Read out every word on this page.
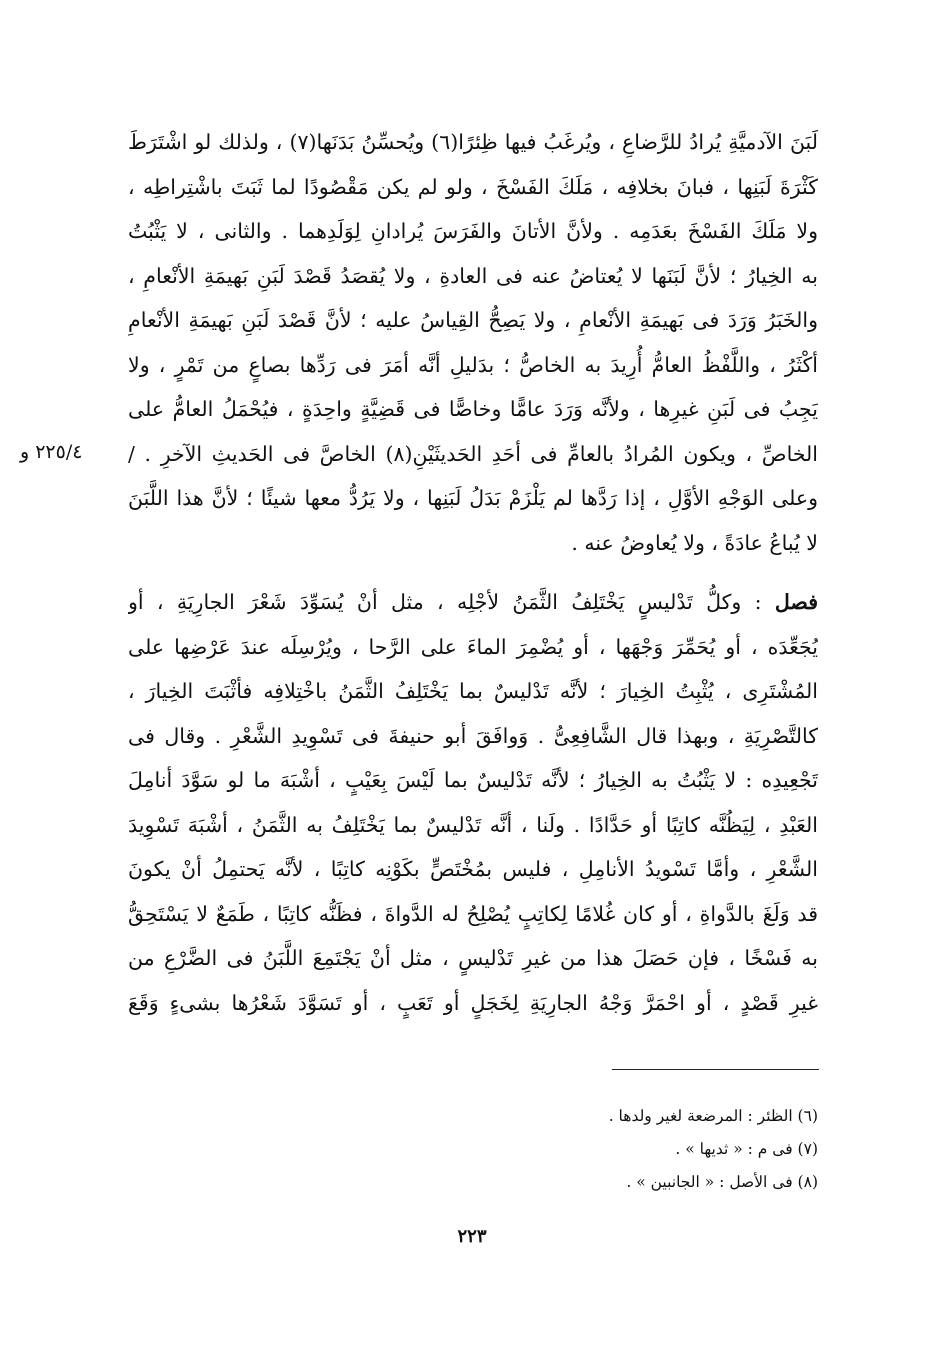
٢٢٥/٤ و
لَبَنَ الآدميَّةِ يُرادُ للرَّضاعِ ، ويُرغَبُ فيها ظِئرًا(٦) ويُحسِّنُ بَدَنَها(٧) ، ولذلك لو اشْتَرَطَ
كَثْرَةَ لَبَنِها ، فبانَ بخلافِه ، مَلَكَ الفَسْخَ ، ولو لم يكن مَقْصُودًا لما ثَبَتَ باشْتِراطِه ،
ولا مَلَكَ الفَسْخَ بعَدَمِه . ولأنَّ الأتانَ والفَرَسَ يُرادانِ لِوَلَدِهما . والثانى ، لا يَثْبُتُ
به الخِيارُ ؛ لأنَّ لَبَنَها لا يُعتاضُ عنه فى العادةِ ، ولا يُقصَدُ قَصْدَ لَبَنِ بَهيمَةِ الأنْعامِ ،
والخَبَرُ وَرَدَ فى بَهيمَةِ الأنْعامِ ، ولا يَصِحُّ القِياسُ عليه ؛ لأنَّ قَصْدَ لَبَنِ بَهيمَةِ الأنْعامِ
أكْثَرُ ، واللَّفْظُ العامُّ أُرِيدَ به الخاصُّ ؛ بدَليلِ أنَّه أمَرَ فى رَدِّها بصاعٍ من تَمْرٍ ، ولا
يَجِبُ فى لَبَنِ غيرِها ، ولأنَّه وَرَدَ عامًّا وخاصًّا فى قَضِيَّةٍ واحِدَةٍ ، فيُحْمَلُ العامُّ على
الخاصِّ ، ويكون المُرادُ بالعامِّ فى أحَدِ الحَديثَيْنِ(٨) الخاصَّ فى الحَديثِ الآخرِ . /
وعلى الوَجْهِ الأوَّلِ ، إذا رَدَّها لم يَلْزَمْ بَدَلُ لَبَنِها ، ولا يَرُدُّ معها شيئًا ؛ لأنَّ هذا اللَّبَنَ
لا يُباعُ عادَةً ، ولا يُعاوضُ عنه .
فصل : وكلُّ تَدْليسٍ يَخْتَلِفُ الثَّمَنُ لأجْلِه ، مثل أنْ يُسَوِّدَ شَعْرَ الجارِيَةِ ، أو
يُجَعِّدَه ، أو يُحَمِّرَ وَجْهَها ، أو يُضْمِرَ الماءَ على الرَّحا ، ويُرْسِلَه عندَ عَرْضِها على
المُشْتَرِى ، يُثْبِتُ الخِيارَ ؛ لأنَّه تَدْليسٌ بما يَخْتَلِفُ الثَّمَنُ باخْتِلافِه فأثْبَتَ الخِيارَ ،
كالتَّصْرِيَةِ ، وبهذا قال الشَّافِعِىُّ . وَوافَقَ أبو حنيفةَ فى تَسْوِيدِ الشَّعْرِ . وقال فى
تَجْعِيدِه : لا يَثْبُتُ به الخِيارُ ؛ لأنَّه تَدْليسٌ بما لَيْسَ بِعَيْبٍ ، أشْبَهَ ما لو سَوَّدَ أنامِلَ
العَبْدِ ، لِيَظُنَّه كاتِبًا أو حَدَّادًا . ولَنا ، أنَّه تَدْليسٌ بما يَخْتَلِفُ به الثَّمَنُ ، أشْبَهَ تَسْوِيدَ
الشَّعْرِ ، وأمَّا تَسْويدُ الأنامِلِ ، فليس بمُخْتَصٍّ بكَوْنِه كاتِبًا ، لأنَّه يَحتمِلُ أنْ يكونَ
قد وَلَغَ بالدَّواةِ ، أو كان غُلامًا لِكاتِبٍ يُصْلِحُ له الدَّواةَ ، فظَنُّه كاتِبًا ، طَمَعٌ لا يَسْتَحِقُّ
به فَسْخًا ، فإن حَصَلَ هذا من غيرِ تَدْليسٍ ، مثل أنْ يَجْتَمِعَ اللَّبَنُ فى الضَّرْعِ من
غيرِ قَصْدٍ ، أو احْمَرَّ وَجْهُ الجارِيَةِ لِخَجَلٍ أو تَعَبٍ ، أو تَسَوَّدَ شَعْرُها بشىءٍ وَقَعَ
(٦) الظئر : المرضعة لغير ولدها .
(٧) فى م : « ثديها » .
(٨) فى الأصل : « الجانبين » .
٢٢٣
